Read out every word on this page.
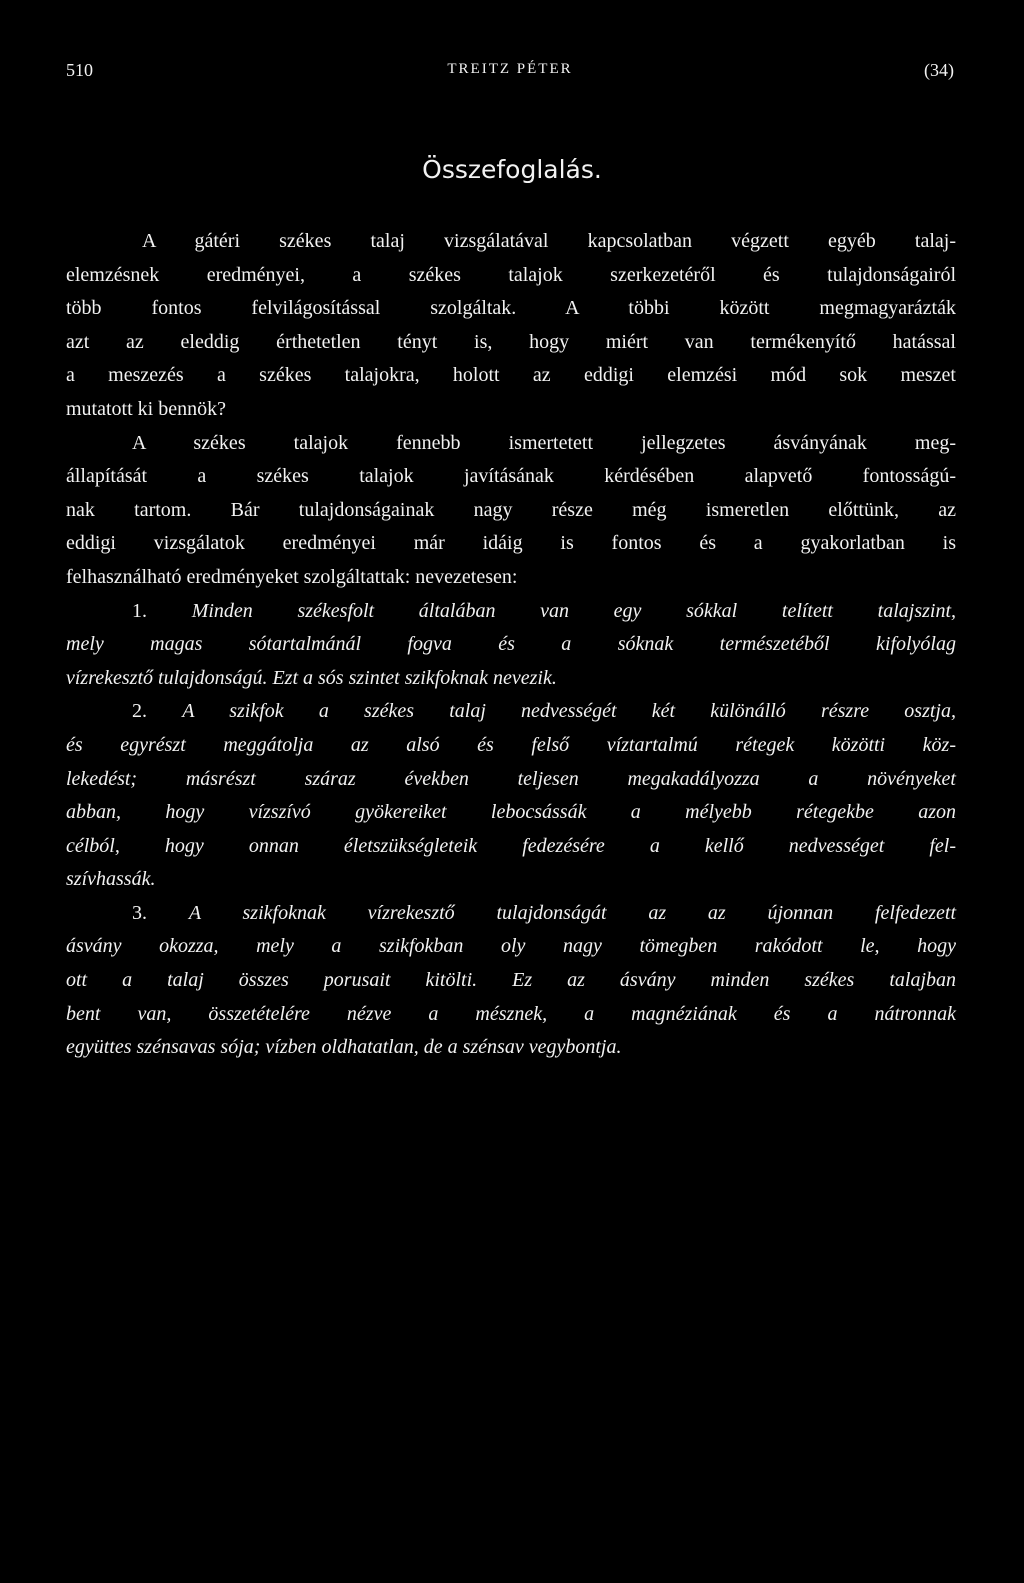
510	TREITZ PÉTER	(34)
Összefoglalás.
A gátéri székes talaj vizsgálatával kapcsolatban végzett egyéb talaj-
elemzésnek eredményei, a székes talajok szerkezetéről és tulajdonságairól
több fontos felvilágosítással szolgáltak. A többi között megmagyarázták
azt az eleddig érthetetlen tényt is, hogy miért van termékenyítő hatással
a meszezés a székes talajokra, holott az eddigi elemzési mód sok meszet
mutatott ki bennök?
A székes talajok fennebb ismertetett jellegzetes ásványának meg-
állapítását a székes talajok javításának kérdésében alapvető fontosságú-
nak tartom. Bár tulajdonságainak nagy része még ismeretlen előttünk, az
eddigi vizsgálatok eredményei már idáig is fontos és a gyakorlatban is
felhasználható eredményeket szolgáltattak: nevezetesen:
1. Minden székesfolt általában van egy sókkal telített talajszint,
mely magas sótartalmánál fogva és a sóknak természetéből kifolyólag
vízrekesztő tulajdonságú. Ezt a sós szintet szikfoknak nevezik.
2. A szikfok a székes talaj nedvességét két különálló részre osztja,
és egyrészt meggátolja az alsó és felső víztartalmú rétegek közötti köz-
lekedést; másrészt száraz években teljesen megakadályozza a növényeket
abban, hogy vízszívó gyökereiket lebocsássák a mélyebb rétegekbe azon
célból, hogy onnan életszükségleteik fedezésére a kellő nedvességet fel-
szívhassák.
3. A szikfoknak vízrekesztő tulajdonságát az az újonnan felfedezett
ásvány okozza, mely a szikfokban oly nagy tömegben rakódott le, hogy
ott a talaj összes porusait kitölti. Ez az ásvány minden székes talajban
bent van, összetételére nézve a mésznek, a magnéziának és a nátronnak
együttes szénsavas sója; vízben oldhatatlan, de a szénsav vegybontja.
